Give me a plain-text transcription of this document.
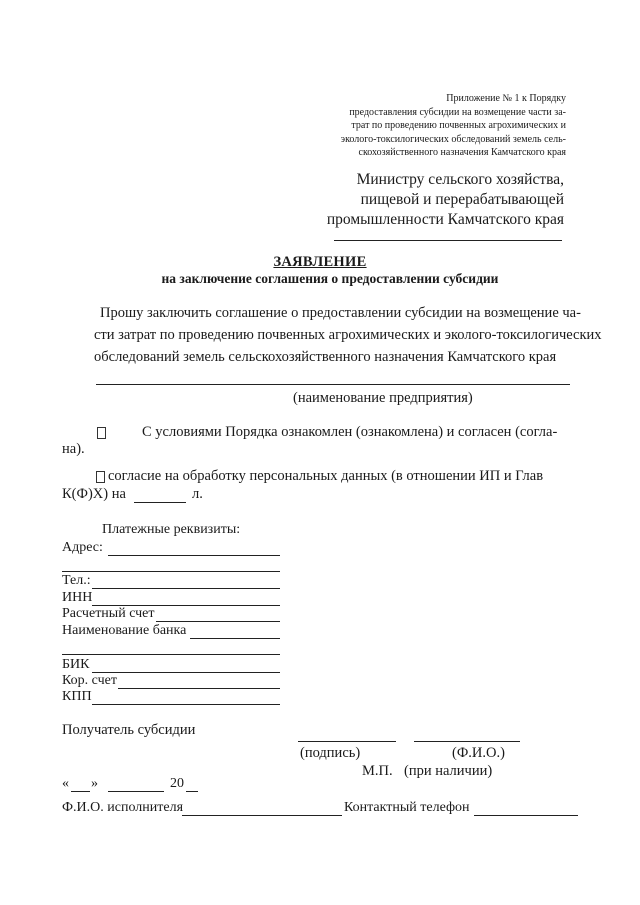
Приложение № 1 к Порядку
предоставления субсидии на возмещение части за-
трат по проведению почвенных агрохимических и
эколого-токсилогических обследований земель сель-
скохозяйственного назначения Камчатского края
Министру сельского хозяйства,
пищевой и перерабатывающей
промышленности Камчатского края
ЗАЯВЛЕНИЕ
на заключение соглашения о предоставлении субсидии
Прошу заключить соглашение о предоставлении субсидии на возмещение ча-
сти затрат по проведению почвенных агрохимических и эколого-токсилогических
обследований земель сельскохозяйственного назначения Камчатского края
(наименование предприятия)
С условиями Порядка ознакомлен (ознакомлена) и согласен (согла-
на).
согласие на обработку персональных данных (в отношении ИП и Глав
К(Ф)Х) на	л.
Платежные реквизиты:
Адрес:
Тел.:
ИНН
Расчетный счет
Наименование банка
БИК
Кор. счет
КПП
Получатель субсидии
(подпись)	(Ф.И.О.)
М.П. (при наличии)
« »	20
Ф.И.О. исполнителя	Контактный телефон
